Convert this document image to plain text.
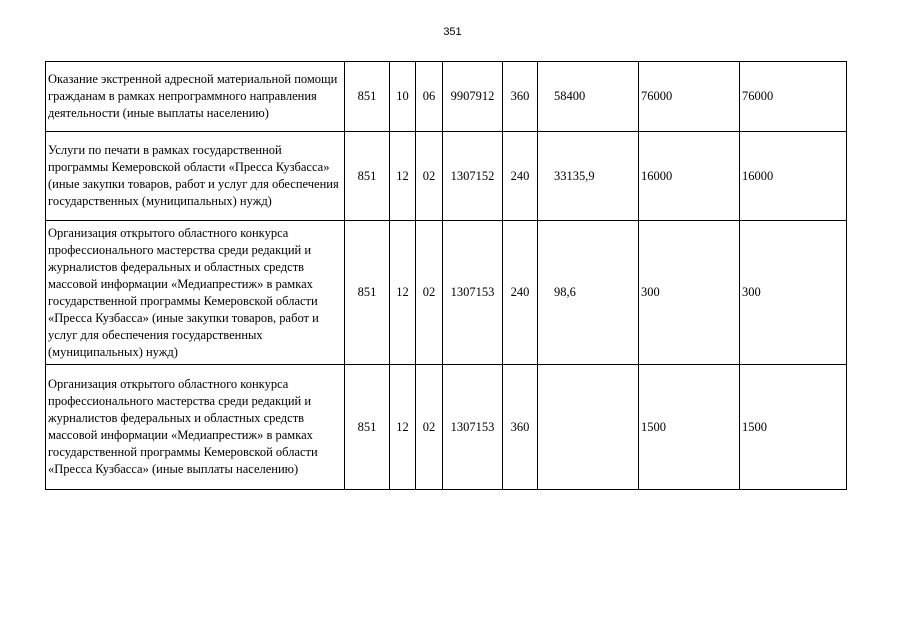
351
Оказание экстренной адресной материальной помощи гражданам в рамках непрограммного направления деятельности (иные выплаты населению)	851	10	06	9907912	360	58400	76000	76000
Услуги по печати в рамках государственной программы Кемеровской области «Пресса Кузбасса» (иные закупки товаров, работ и услуг для обеспечения государственных (муниципальных) нужд)	851	12	02	1307152	240	33135,9	16000	16000
Организация открытого областного конкурса профессионального мастерства среди редакций и журналистов федеральных и областных средств массовой информации «Медиапрестиж» в рамках государственной программы Кемеровской области «Пресса Кузбасса» (иные закупки товаров, работ и услуг для обеспечения государственных (муниципальных) нужд)	851	12	02	1307153	240	98,6	300	300
Организация открытого областного конкурса профессионального мастерства среди редакций и журналистов федеральных и областных средств массовой информации «Медиапрестиж» в рамках государственной программы Кемеровской области «Пресса Кузбасса» (иные выплаты населению)	851	12	02	1307153	360		1500	1500
